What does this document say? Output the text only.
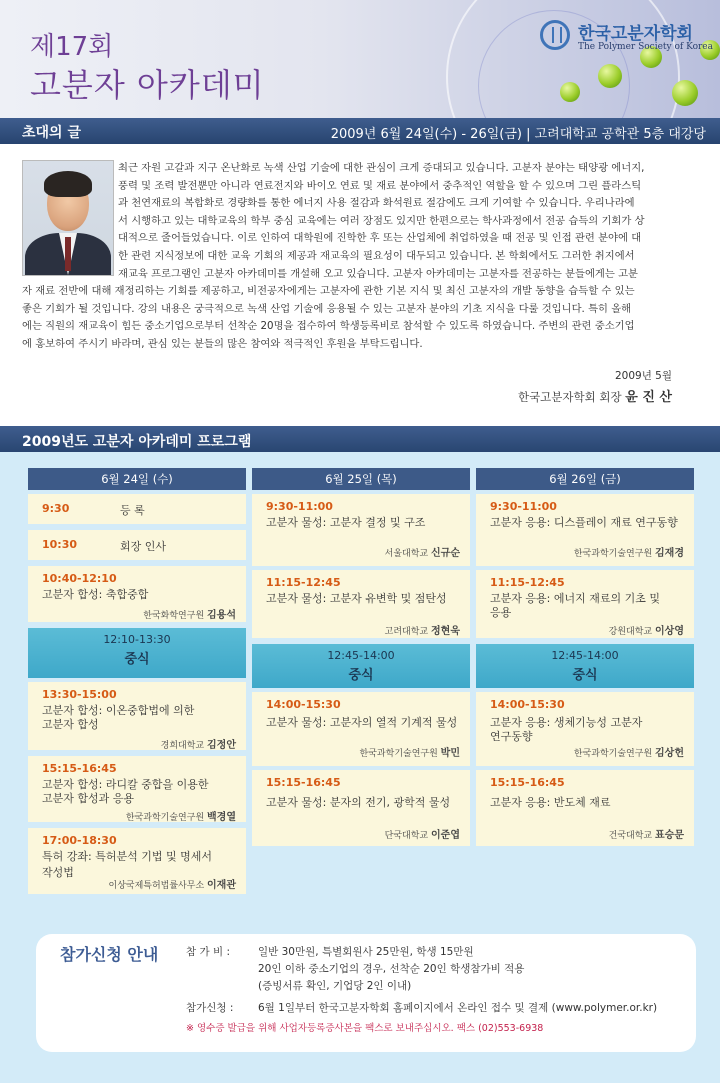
제17회
고분자 아카데미
한국고분자학회
The Polymer Society of Korea
초대의 글	2009년 6월 24일(수) - 26일(금) | 고려대학교 공학관 5층 대강당
최근 자원 고갈과 지구 온난화로 녹색 산업 기술에 대한 관심이 크게 증대되고 있습니다. 고분자 분야는 태양광 에너지,
풍력 및 조력 발전뿐만 아니라 연료전지와 바이오 연료 및 재료 분야에서 중추적인 역할을 할 수 있으며 그린 플라스틱
과 천연재료의 복합화로 경량화를 통한 에너지 사용 절감과 화석원료 절감에도 크게 기여할 수 있습니다. 우리나라에
서 시행하고 있는 대학교육의 학부 중심 교육에는 여러 장점도 있지만 한편으로는 학사과정에서 전공 습득의 기회가 상
대적으로 줄어들었습니다. 이로 인하여 대학원에 진학한 후 또는 산업체에 취업하였을 때 전공 및 인접 관련 분야에 대
한 관련 지식정보에 대한 교육 기회의 제공과 재교육의 필요성이 대두되고 있습니다. 본 학회에서도 그러한 취지에서
재교육 프로그램인 고분자 아카데미를 개설해 오고 있습니다. 고분자 아카데미는 고분자를 전공하는 분들에게는 고분
자 재료 전반에 대해 재정리하는 기회를 제공하고, 비전공자에게는 고분자에 관한 기본 지식 및 최신 고분자의 개발 동향을 습득할 수 있는
좋은 기회가 될 것입니다. 강의 내용은 궁극적으로 녹색 산업 기술에 응용될 수 있는 고분자 분야의 기초 지식을 다룰 것입니다. 특히 올해
에는 직원의 재교육이 힘든 중소기업으로부터 선착순 20명을 접수하여 학생등록비로 참석할 수 있도록 하였습니다. 주변의 관련 중소기업
에 홍보하여 주시기 바라며, 관심 있는 분들의 많은 참여와 적극적인 후원을 부탁드립니다.
2009년 5월
한국고분자학회 회장 윤 진 산
2009년도 고분자 아카데미 프로그램
6월 24일 (수)	6월 25일 (목)	6월 26일 (금)
9:30	등 록
10:30	회장 인사
10:40-12:10
고분자 합성: 축합중합
한국화학연구원 김용석
12:10-13:30
중식
13:30-15:00
고분자 합성: 이온중합법에 의한
고분자 합성
경희대학교 김정안
15:15-16:45
고분자 합성: 라디칼 중합을 이용한
고분자 합성과 응용
한국과학기술연구원 백경열
17:00-18:30
특허 강좌: 특허분석 기법 및 명세서
작성법
이상국제특허법률사무소 이재관
9:30-11:00
고분자 물성: 고분자 결정 및 구조
서울대학교 신규순
11:15-12:45
고분자 물성: 고분자 유변학 및 점탄성
고려대학교 정현욱
12:45-14:00
중식
14:00-15:30
고분자 물성: 고분자의 열적 기계적 물성
한국과학기술연구원 박민
15:15-16:45
고분자 물성: 분자의 전기, 광학적 물성
단국대학교 이준엽
9:30-11:00
고분자 응용: 디스플레이 재료 연구동향
한국과학기술연구원 김재경
11:15-12:45
고분자 응용: 에너지 재료의 기초 및
응용
강원대학교 이상영
12:45-14:00
중식
14:00-15:30
고분자 응용: 생체기능성 고분자
연구동향
한국과학기술연구원 김상헌
15:15-16:45
고분자 응용: 반도체 재료
건국대학교 표승문
참가신청 안내	참 가 비 :	일반 30만원, 특별회원사 25만원, 학생 15만원
20인 이하 중소기업의 경우, 선착순 20인 학생참가비 적용
(증빙서류 확인, 기업당 2인 이내)
참가신청 : 6월 1일부터 한국고분자학회 홈페이지에서 온라인 접수 및 결제 (www.polymer.or.kr)
※ 영수증 발급을 위해 사업자등록증사본을 팩스로 보내주십시오. 팩스 (02)553-6938
